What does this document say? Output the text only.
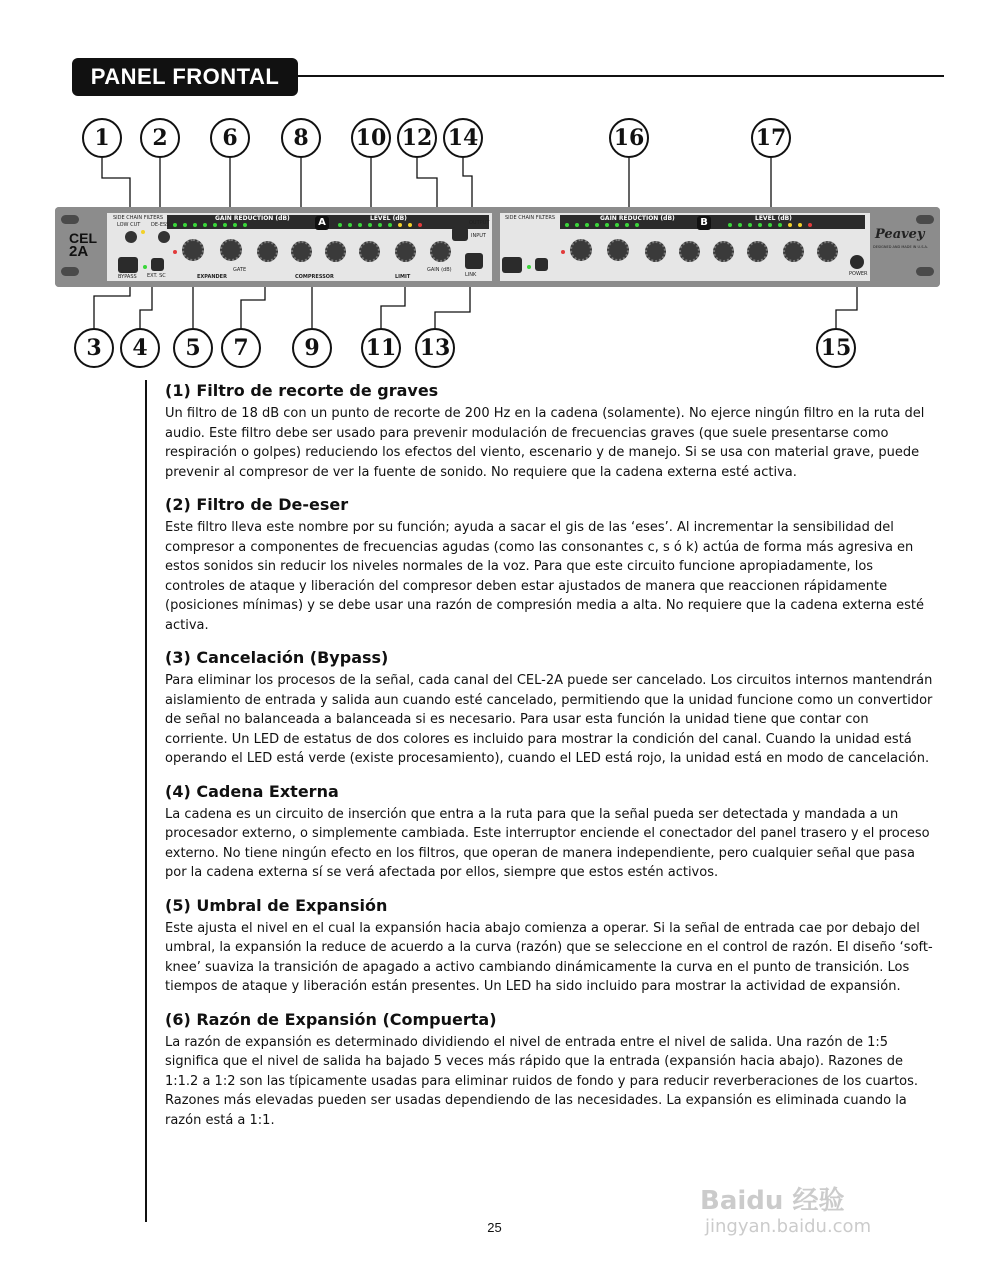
PANEL FRONTAL
1	2	6	8	10 12 14	16	17
CEL
2A
SIDE CHAIN FILTERS
LOW CUT DE-ESS
GAIN REDUCTION (dB)	LEVEL (dB)
A
BYPASS EXT. SC	EXPANDER
GATE
COMPRESSOR	LIMIT
GAIN (dB)
OUTPUT
INPUT
LINK
SIDE CHAIN FILTERS	GAIN REDUCTION (dB)	LEVEL (dB)
B
Peavey
DESIGNED AND MADE IN U.S.A.
POWER
3	4	5	7	9	11 13	15
(1) Filtro de recorte de graves

Un filtro de 18 dB con un punto de recorte de 200 Hz en la cadena (solamente). No ejerce ningún filtro en la ruta del audio. Este filtro debe ser usado para prevenir modulación de frecuencias graves (que suele presentarse como respiración o golpes) reduciendo los efectos del viento, escenario y de manejo. Si se usa con material grave, puede prevenir al compresor de ver la fuente de sonido. No requiere que la cadena externa esté activa.

(2) Filtro de De-eser

Este filtro lleva este nombre por su función; ayuda a sacar el gis de las ‘eses’. Al incrementar la sensibilidad del compresor a componentes de frecuencias agudas (como las consonantes c, s ó k) actúa de forma más agresiva en estos sonidos sin reducir los niveles normales de la voz. Para que este circuito funcione apropiadamente, los controles de ataque y liberación del compresor deben estar ajustados de manera que reaccionen rápidamente (posiciones mínimas) y se debe usar una razón de compresión media a alta. No requiere que la cadena externa esté activa.

(3) Cancelación (Bypass)

Para eliminar los procesos de la señal, cada canal del CEL-2A puede ser cancelado. Los circuitos internos mantendrán aislamiento de entrada y salida aun cuando esté cancelado, permitiendo que la unidad funcione como un convertidor de señal no balanceada a balanceada si es necesario. Para usar esta función la unidad tiene que contar con corriente. Un LED de estatus de dos colores es incluido para mostrar la condición del canal. Cuando la unidad está operando el LED está verde (existe procesamiento), cuando el LED está rojo, la unidad está en modo de cancelación.

(4) Cadena Externa

La cadena es un circuito de inserción que entra a la ruta para que la señal pueda ser detectada y mandada a un procesador externo, o simplemente cambiada. Este interruptor enciende el conectador del panel trasero y el proceso externo. No tiene ningún efecto en los filtros, que operan de manera independiente, pero cualquier señal que pasa por la cadena externa sí se verá afectada por ellos, siempre que estos estén activos.

(5) Umbral de Expansión

Este ajusta el nivel en el cual la expansión hacia abajo comienza a operar. Si la señal de entrada cae por debajo del umbral, la expansión la reduce de acuerdo a la curva (razón) que se seleccione en el control de razón. El diseño ‘soft-knee’ suaviza la transición de apagado a activo cambiando dinámicamente la curva en el punto de transición. Los tiempos de ataque y liberación están presentes. Un LED ha sido incluido para mostrar la actividad de expansión.

(6) Razón de Expansión (Compuerta)

La razón de expansión es determinado dividiendo el nivel de entrada entre el nivel de salida. Una razón de 1:5 significa que el nivel de salida ha bajado 5 veces más rápido que la entrada (expansión hacia abajo). Razones de 1:1.2 a 1:2 son las típicamente usadas para eliminar ruidos de fondo y para reducir reverberaciones de los cuartos. Razones más elevadas pueden ser usadas dependiendo de las necesidades. La expansión es eliminada cuando la razón está a 1:1.

25
Baidu 经验
jingyan.baidu.com
